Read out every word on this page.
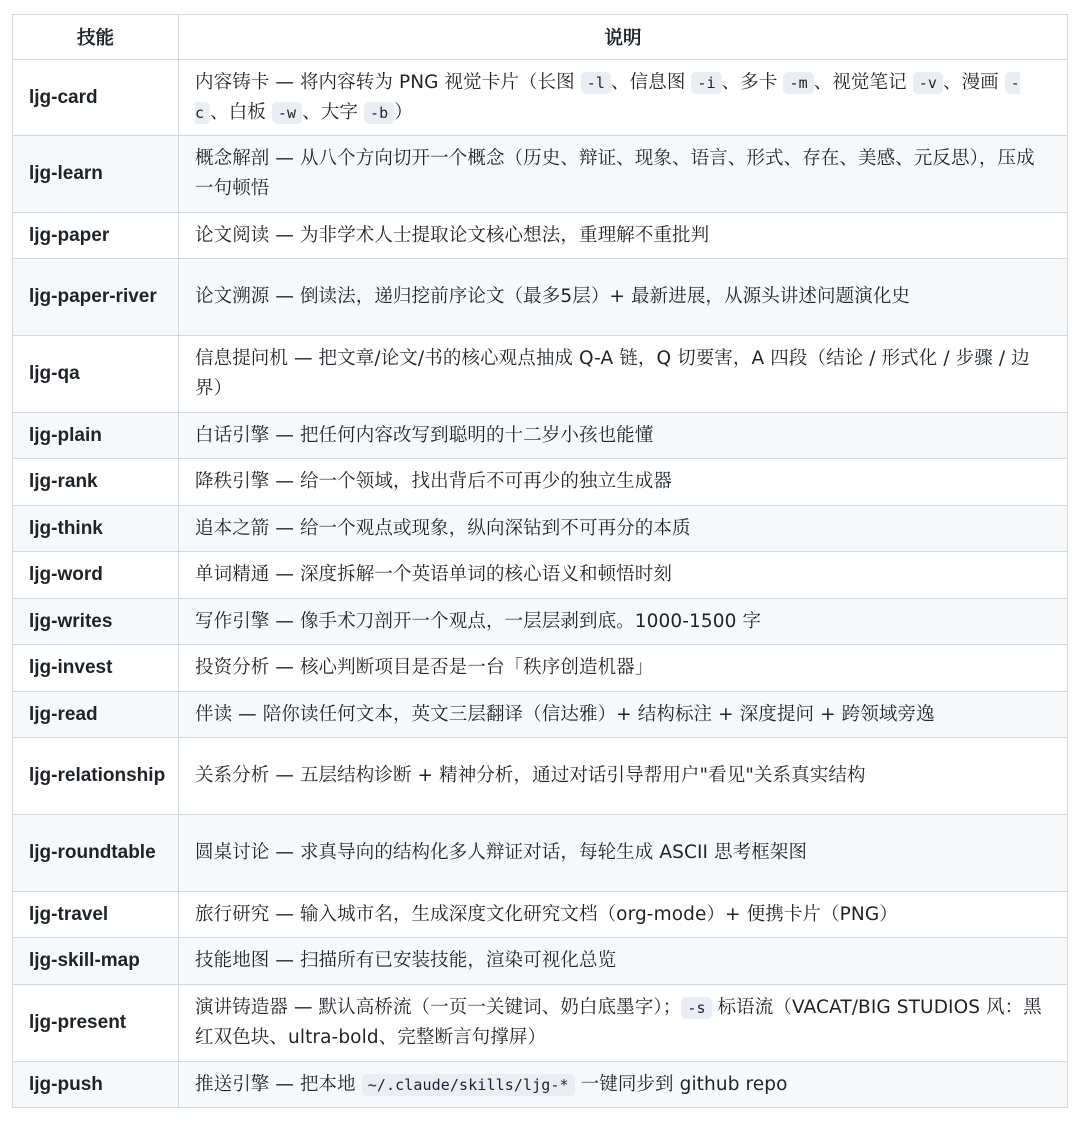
技能	说明
ljg-card	内容铸卡 — 将内容转为 PNG 视觉卡片（长图 -l 、信息图 -i 、多卡 -m 、视觉笔记 -v 、漫画 -c 、白板 -w 、大字 -b ）
ljg-learn	概念解剖 — 从八个方向切开一个概念（历史、辩证、现象、语言、形式、存在、美感、元反思），压成一句顿悟
ljg-paper	论文阅读 — 为非学术人士提取论文核心想法，重理解不重批判
ljg-paper-river	论文溯源 — 倒读法，递归挖前序论文（最多5层）+ 最新进展，从源头讲述问题演化史
ljg-qa	信息提问机 — 把文章/论文/书的核心观点抽成 Q-A 链，Q 切要害，A 四段（结论 / 形式化 / 步骤 / 边界）
ljg-plain	白话引擎 — 把任何内容改写到聪明的十二岁小孩也能懂
ljg-rank	降秩引擎 — 给一个领域，找出背后不可再少的独立生成器
ljg-think	追本之箭 — 给一个观点或现象，纵向深钻到不可再分的本质
ljg-word	单词精通 — 深度拆解一个英语单词的核心语义和顿悟时刻
ljg-writes	写作引擎 — 像手术刀剖开一个观点，一层层剥到底。1000-1500 字
ljg-invest	投资分析 — 核心判断项目是否是一台「秩序创造机器」
ljg-read	伴读 — 陪你读任何文本，英文三层翻译（信达雅）+ 结构标注 + 深度提问 + 跨领域旁逸
ljg-relationship	关系分析 — 五层结构诊断 + 精神分析，通过对话引导帮用户"看见"关系真实结构
ljg-roundtable	圆桌讨论 — 求真导向的结构化多人辩证对话，每轮生成 ASCII 思考框架图
ljg-travel	旅行研究 — 输入城市名，生成深度文化研究文档（org-mode）+ 便携卡片（PNG）
ljg-skill-map	技能地图 — 扫描所有已安装技能，渲染可视化总览
ljg-present	演讲铸造器 — 默认高桥流（一页一关键词、奶白底墨字）； -s 标语流（VACAT/BIG STUDIOS 风：黑红双色块、ultra-bold、完整断言句撑屏）
ljg-push	推送引擎 — 把本地 ~/.claude/skills/ljg-* 一键同步到 github repo
